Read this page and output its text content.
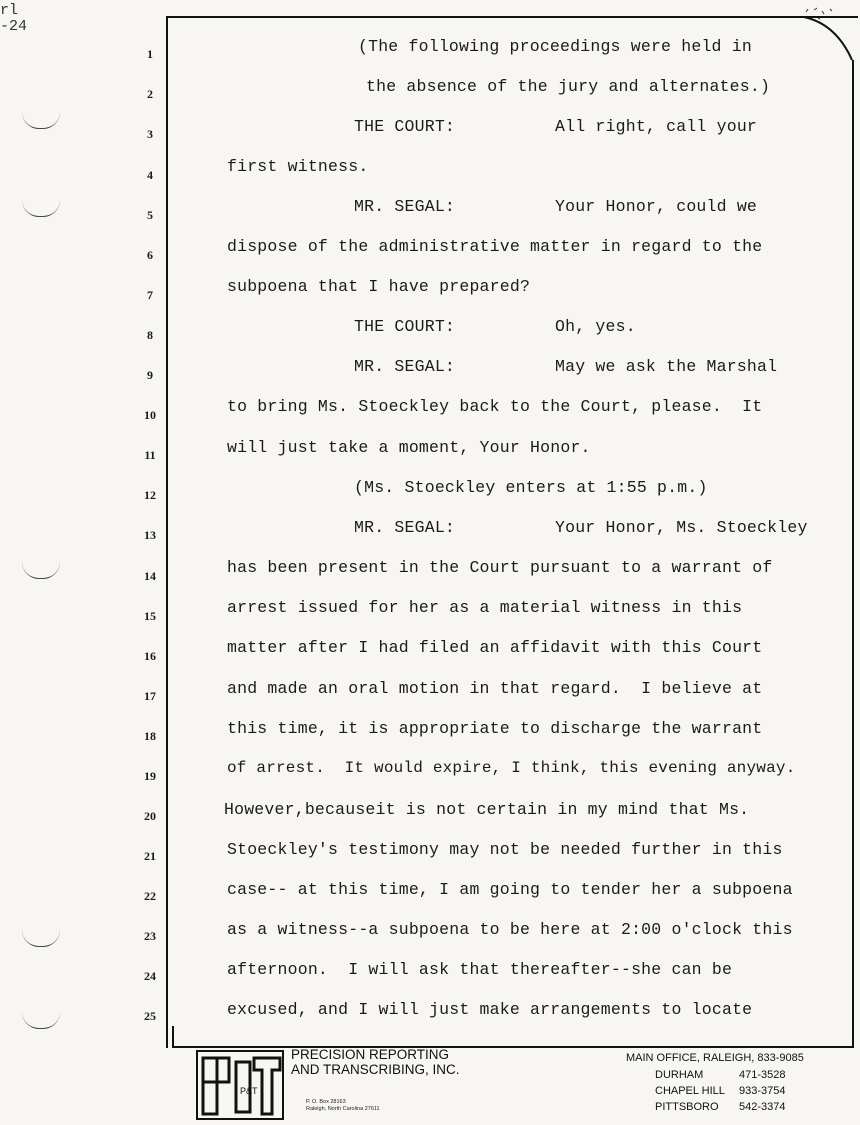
rl
-24
1	(The following proceedings were held in
2	the absence of the jury and alternates.)
3	THE COURT:	All right, call your
4	first witness.
5	MR. SEGAL:	Your Honor, could we
6	dispose of the administrative matter in regard to the
7	subpoena that I have prepared?
8	THE COURT:	Oh, yes.
9	MR. SEGAL:	May we ask the Marshal
10	to bring Ms. Stoeckley back to the Court, please.  It
11	will just take a moment, Your Honor.
12	(Ms. Stoeckley enters at 1:55 p.m.)
13	MR. SEGAL:	Your Honor, Ms. Stoeckley
14	has been present in the Court pursuant to a warrant of
15	arrest issued for her as a material witness in this
16	matter after I had filed an affidavit with this Court
17	and made an oral motion in that regard.  I believe at
18	this time, it is appropriate to discharge the warrant
19	of arrest.  It would expire, I think, this evening anyway.
20	However,becauseit is not certain in my mind that Ms.
21	Stoeckley's testimony may not be needed further in this
22	case-- at this time, I am going to tender her a subpoena
23	as a witness--a subpoena to be here at 2:00 o'clock this
24	afternoon.  I will ask that thereafter--she can be
25	excused, and I will just make arrangements to locate
P&T
PRECISION REPORTING
AND TRANSCRIBING, INC.
P. O. Box 28163
Raleigh, North Carolina 27611
MAIN OFFICE, RALEIGH, 833-9085
DURHAM	471-3528
CHAPEL HILL 933-3754
PITTSBORO 542-3374
